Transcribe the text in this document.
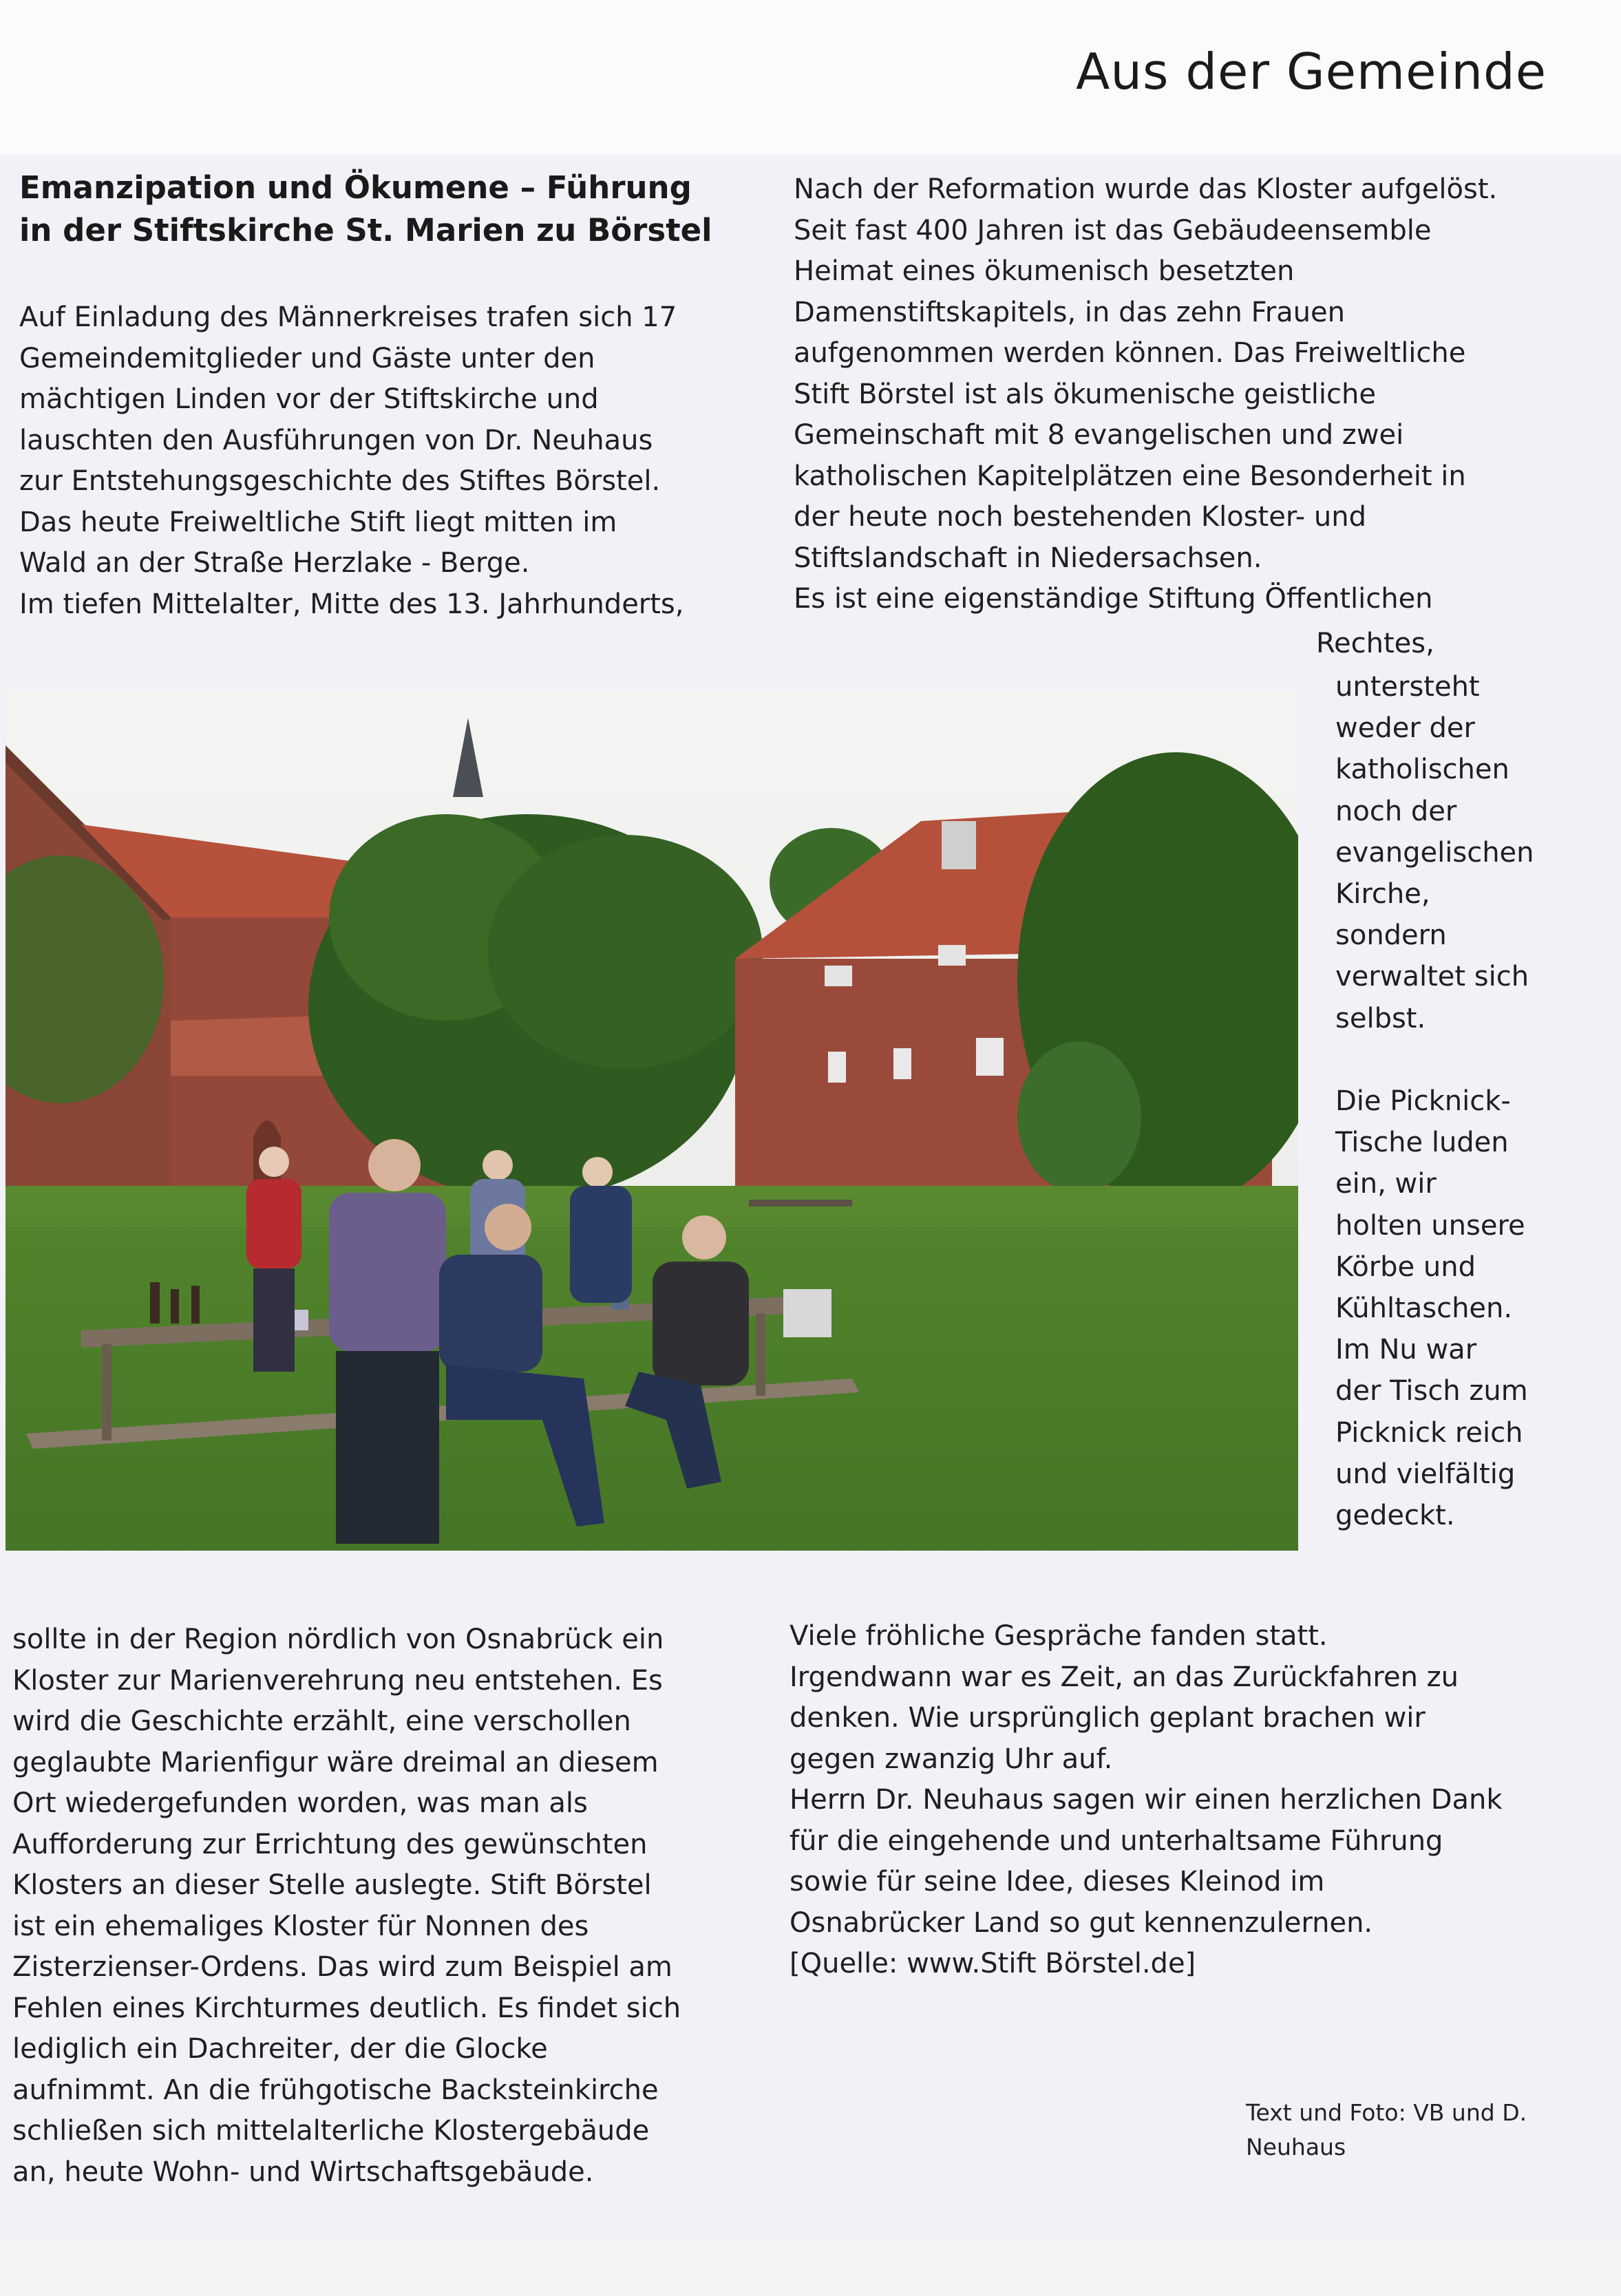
Aus der Gemeinde
Emanzipation und Ökumene – Führung
in der Stiftskirche St. Marien zu Börstel

Auf Einladung des Männerkreises trafen sich 17

Gemeindemitglieder und Gäste unter den

mächtigen Linden vor der Stiftskirche und

lauschten den Ausführungen von Dr. Neuhaus

zur Entstehungsgeschichte des Stiftes Börstel.

Das heute Freiweltliche Stift liegt mitten im

Wald an der Straße Herzlake - Berge.

Im tiefen Mittelalter, Mitte des 13. Jahrhunderts,

Nach der Reformation wurde das Kloster aufgelöst.

Seit fast 400 Jahren ist das Gebäudeensemble

Heimat eines ökumenisch besetzten

Damenstiftskapitels, in das zehn Frauen

aufgenommen werden können. Das Freiweltliche

Stift Börstel ist als ökumenische geistliche

Gemeinschaft mit 8 evangelischen und zwei

katholischen Kapitelplätzen eine Besonderheit in

der heute noch bestehenden Kloster- und

Stiftslandschaft in Niedersachsen.

Es ist eine eigenständige Stiftung Öffentlichen

Rechtes,

untersteht

weder der

katholischen

noch der

evangelischen

Kirche,

sondern

verwaltet sich

selbst.

Die Picknick-

Tische luden

ein, wir

holten unsere

Körbe und

Kühltaschen.

Im Nu war

der Tisch zum

Picknick reich

und vielfältig

gedeckt.

sollte in der Region nördlich von Osnabrück ein

Kloster zur Marienverehrung neu entstehen. Es

wird die Geschichte erzählt, eine verschollen

geglaubte Marienfigur wäre dreimal an diesem

Ort wiedergefunden worden, was man als

Aufforderung zur Errichtung des gewünschten

Klosters an dieser Stelle auslegte. Stift Börstel

ist ein ehemaliges Kloster für Nonnen des

Zisterzienser-Ordens. Das wird zum Beispiel am

Fehlen eines Kirchturmes deutlich. Es findet sich

lediglich ein Dachreiter, der die Glocke

aufnimmt. An die frühgotische Backsteinkirche

schließen sich mittelalterliche Klostergebäude

an, heute Wohn- und Wirtschaftsgebäude.

Viele fröhliche Gespräche fanden statt.

Irgendwann war es Zeit, an das Zurückfahren zu

denken. Wie ursprünglich geplant brachen wir

gegen zwanzig Uhr auf.

Herrn Dr. Neuhaus sagen wir einen herzlichen Dank

für die eingehende und unterhaltsame Führung

sowie für seine Idee, dieses Kleinod im

Osnabrücker Land so gut kennenzulernen.

[Quelle: www.Stift Börstel.de]

Text und Foto: VB und D. Neuhaus
